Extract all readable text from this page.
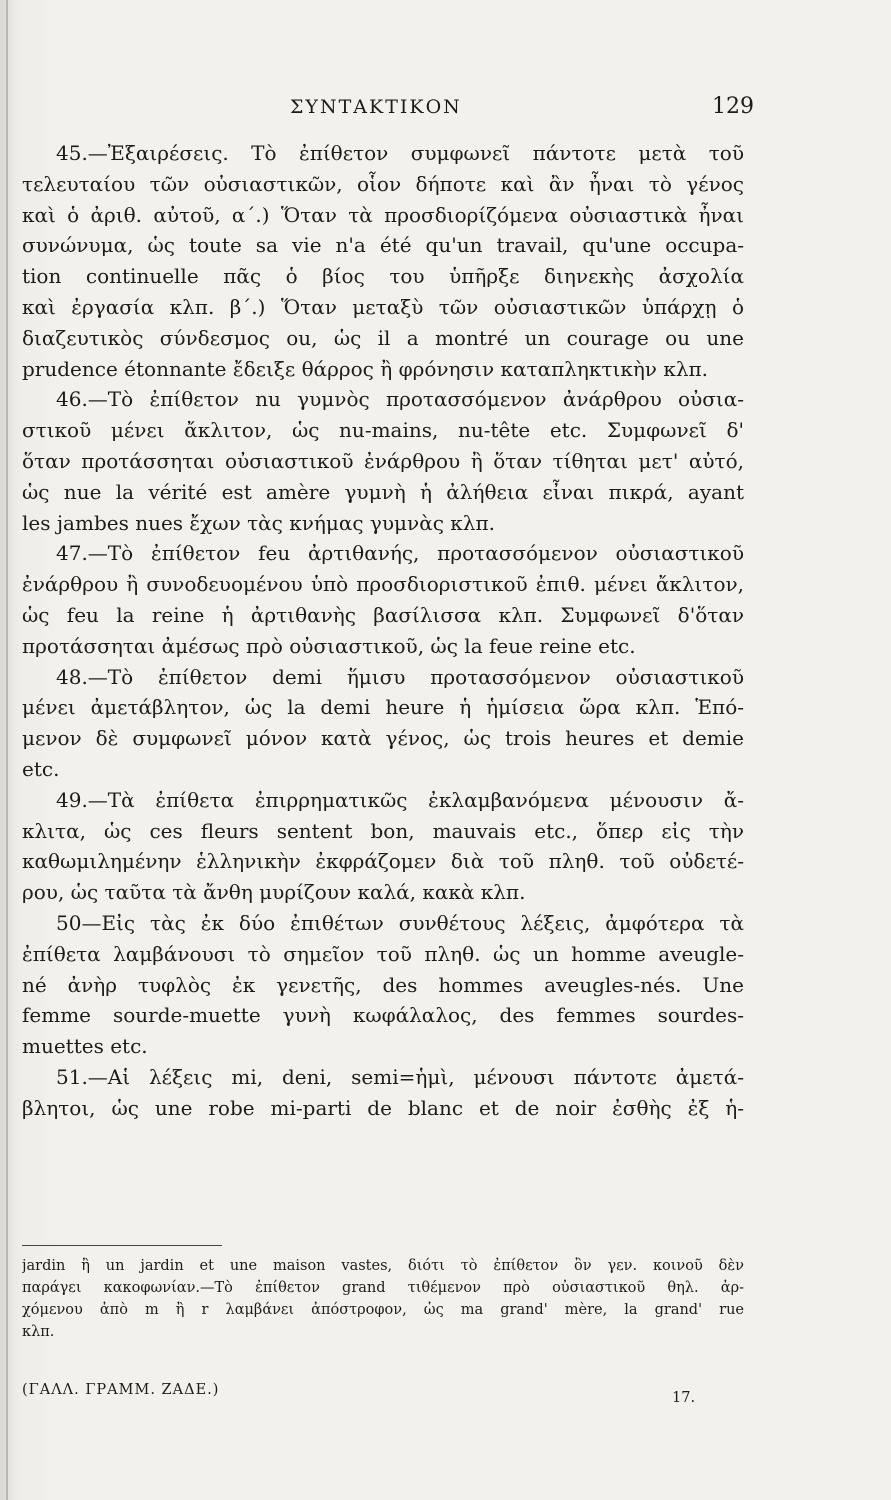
ΣΥΝΤΑΚΤΙΚΟΝ	129
45.—Ἐξαιρέσεις. Τὸ ἐπίθετον συμφωνεῖ πάντοτε μετὰ τοῦ
τελευταίου τῶν οὐσιαστικῶν, οἷον δήποτε καὶ ἂν ἦναι τὸ γένος
καὶ ὁ ἀριθ. αὐτοῦ, α´.) Ὅταν τὰ προσδιορίζόμενα οὐσιαστικὰ ἦναι
συνώνυμα, ὡς toute sa vie n'a été qu'un travail, qu'une occupa-
tion continuelle πᾶς ὁ βίος του ὑπῆρξε διηνεκὴς ἀσχολία
καὶ ἐργασία κλπ. β´.) Ὅταν μεταξὺ τῶν οὐσιαστικῶν ὑπάρχῃ ὁ
διαζευτικὸς σύνδεσμος ou, ὡς il a montré un courage ou une
prudence étonnante ἔδειξε θάρρος ἢ φρόνησιν καταπληκτικὴν κλπ.
46.—Τὸ ἐπίθετον nu γυμνὸς προτασσόμενον ἀνάρθρου οὐσια-
στικοῦ μένει ἄκλιτον, ὡς nu-mains, nu-tête etc. Συμφωνεῖ δ'
ὅταν προτάσσηται οὐσιαστικοῦ ἐνάρθρου ἢ ὅταν τίθηται μετ' αὐτό,
ὡς nue la vérité est amère γυμνὴ ἡ ἀλήθεια εἶναι πικρά, ayant
les jambes nues ἔχων τὰς κνήμας γυμνὰς κλπ.
47.—Τὸ ἐπίθετον feu ἀρτιθανής, προτασσόμενον οὐσιαστικοῦ
ἐνάρθρου ἢ συνοδευομένου ὑπὸ προσδιοριστικοῦ ἐπιθ. μένει ἄκλιτον,
ὡς feu la reine ἡ ἀρτιθανὴς βασίλισσα κλπ. Συμφωνεῖ δ'ὅταν
προτάσσηται ἀμέσως πρὸ οὐσιαστικοῦ, ὡς la feue reine etc.
48.—Τὸ ἐπίθετον demi ἥμισυ προτασσόμενον οὐσιαστικοῦ
μένει ἀμετάβλητον, ὡς la demi heure ἡ ἡμίσεια ὥρα κλπ. Ἑπό-
μενον δὲ συμφωνεῖ μόνον κατὰ γένος, ὡς trois heures et demie
etc.
49.—Τὰ ἐπίθετα ἐπιρρηματικῶς ἐκλαμβανόμενα μένουσιν ἄ-
κλιτα, ὡς ces fleurs sentent bon, mauvais etc., ὅπερ εἰς τὴν
καθωμιλημένην ἑλληνικὴν ἐκφράζομεν διὰ τοῦ πληθ. τοῦ οὐδετέ-
ρου, ὡς ταῦτα τὰ ἄνθη μυρίζουν καλά, κακὰ κλπ.
50—Εἰς τὰς ἐκ δύο ἐπιθέτων συνθέτους λέξεις, ἀμφότερα τὰ
ἐπίθετα λαμβάνουσι τὸ σημεῖον τοῦ πληθ. ὡς un homme aveugle-
né ἀνὴρ τυφλὸς ἐκ γενετῆς, des hommes aveugles-nés. Une
femme sourde-muette γυνὴ κωφάλαλος, des femmes sourdes-
muettes etc.
51.—Αἱ λέξεις mi, deni, semi=ἡμὶ, μένουσι πάντοτε ἀμετά-
βλητοι, ὡς une robe mi-parti de blanc et de noir ἐσθὴς ἐξ ἡ-
jardin ἢ un jardin et une maison vastes, διότι τὸ ἐπίθετον ὂν γεν. κοινοῦ δὲν
παράγει κακοφωνίαν.—Τὸ ἐπίθετον grand τιθέμενον πρὸ οὐσιαστικοῦ θηλ. ἀρ-
χόμενου ἀπὸ m ἢ r λαμβάνει ἀπόστροφον, ὡς ma grand' mère, la grand' rue
κλπ.
(ΓΑΛΛ. ΓΡΑΜΜ. ΖΑΔΕ.)	17.
